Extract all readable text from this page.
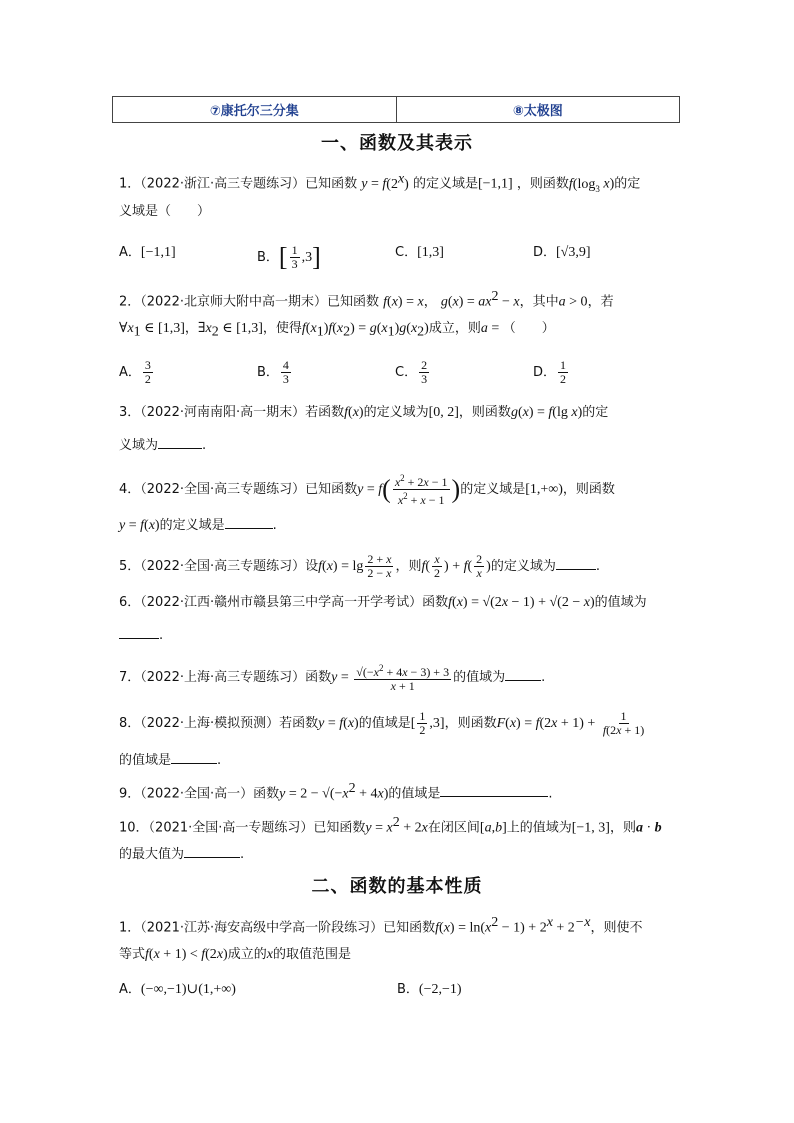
⑦康托尔三分集	⑧太极图
一、函数及其表示
1．（2022·浙江·高三专题练习）已知函数 $y = f(2^x)$ 的定义域是[−1,1] ，则函数$f(\log_3$ x)的定
义域是（　　）
A．[−1,1]	B．[ $\frac{1}{3} ,3$]	C．[1,3]	D．[√3,9]
2．（2022·北京师大附中高一期末）已知函数 f(x) = x， $g(x) = ax^2 - x$，其中a > 0，若
$\forall x_1$ ∈ [1,3]，$\exists x_2$ ∈ [1,3]，使得$f(x_1)f(x_2) = g(x_1)g(x_2)$成立，则a = （　　）
A． $\frac{3}{2}$	B． $\frac{4}{3}$	C． $\frac{2}{3}$	D． $\frac{1}{2}$
3．（2022·河南南阳·高一期末）若函数f(x)的定义域为[0, 2]，则函数g(x) = f(lg x)的定
义域为	.
4．（2022·全国·高三专题练习）已知函数$y = f( \frac{x^2 + 2x - 1}{x^2 + x - 1}$ )的定义域是[1,+∞)，则函数
y = f(x)的定义域是	.
5．（2022·全国·高三专题练习）设$f(x) = \lg \frac{2 + x}{2 - x}$ ，则$f( \frac{x}{2}$ ) + $f( \frac{2}{x}$ )的定义域为	.
6．（2022·江西·赣州市赣县第三中学高一开学考试）函数f(x) = √(2x − 1) + √(2 − x)的值域为
.
7．（2022·上海·高三专题练习）函数$y = \frac{√(-x^2 + 4x - 3) + 3}{x + 1}$ 的值域为	.
8．（2022·上海·模拟预测）若函数y = f(x)的值域是[ $\frac{1}{2} ,3$]，则函数$F(x) = f(2x + 1) + \frac{1}{f(2x + 1)}$
的值域是	.
9．（2022·全国·高一）函数$y = 2 - √(-x^2 + 4x)$的值域是	.
10．（2021·全国·高一专题练习）已知函数$y = x^2 + 2x$在闭区间[a,b]上的值域为[−1, 3]，则a · b
的最大值为	.
二、函数的基本性质
1．（2021·江苏·海安高级中学高一阶段练习）已知函数$f(x) = \ln(x^2 - 1) + 2^x + 2^{-x}$，则使不
等式f(x + 1) < f(2x)成立的x的取值范围是
A．(−∞,−1)∪(1,+∞)	B．(−2,−1)
